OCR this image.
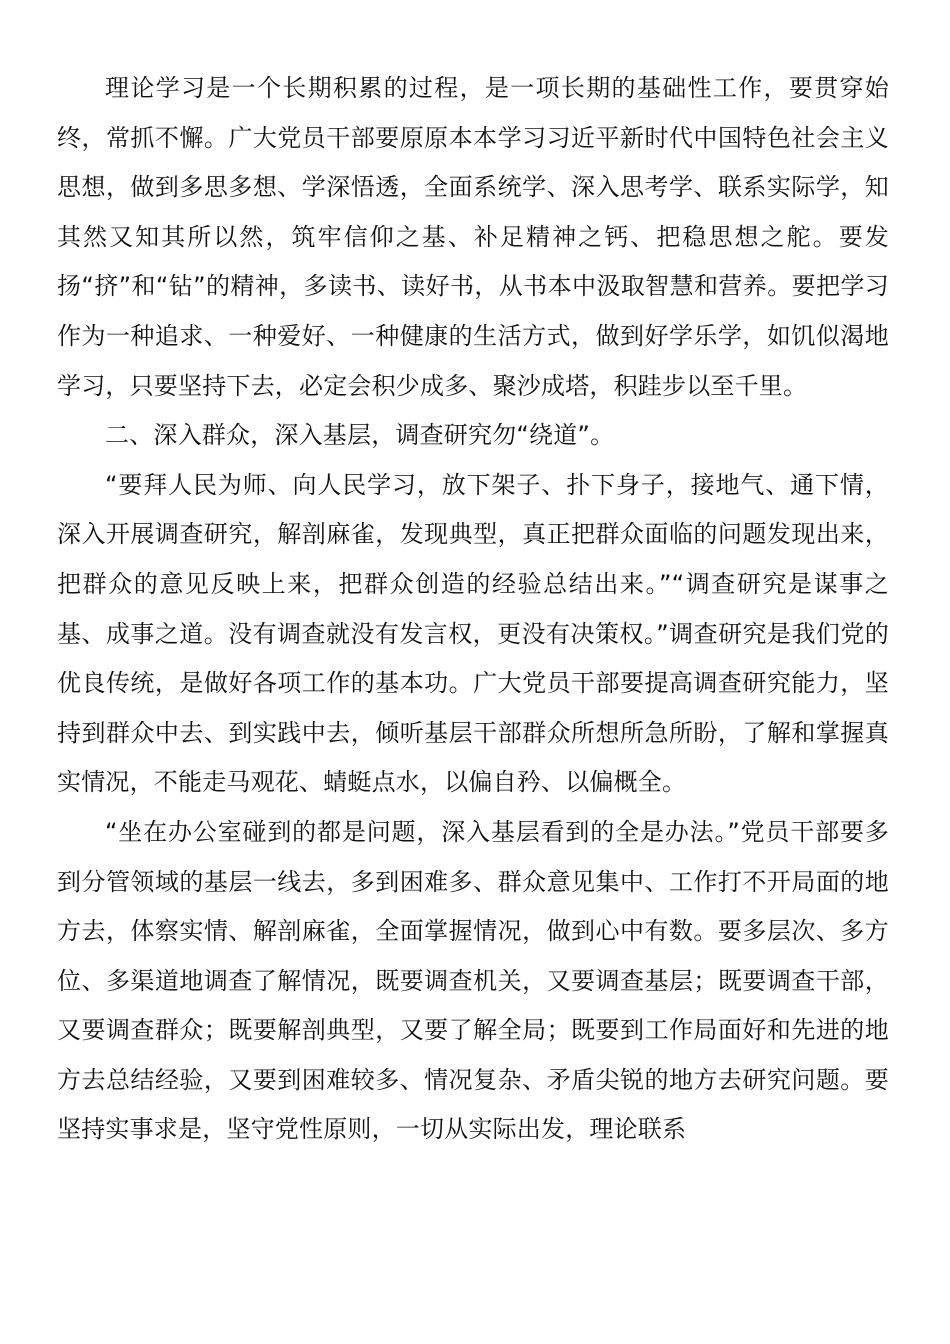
理论学习是一个长期积累的过程，是一项长期的基础性工作，要贯穿始终，常抓不懈。广大党员干部要原原本本学习习近平新时代中国特色社会主义思想，做到多思多想、学深悟透，全面系统学、深入思考学、联系实际学，知其然又知其所以然，筑牢信仰之基、补足精神之钙、把稳思想之舵。要发扬“挤”和“钻”的精神，多读书、读好书，从书本中汲取智慧和营养。要把学习作为一种追求、一种爱好、一种健康的生活方式，做到好学乐学，如饥似渴地学习，只要坚持下去，必定会积少成多、聚沙成塔，积跬步以至千里。

二、深入群众，深入基层，调查研究勿“绕道”。

“要拜人民为师、向人民学习，放下架子、扑下身子，接地气、通下情，深入开展调查研究，解剖麻雀，发现典型，真正把群众面临的问题发现出来，把群众的意见反映上来，把群众创造的经验总结出来。”“调查研究是谋事之基、成事之道。没有调查就没有发言权，更没有决策权。”调查研究是我们党的优良传统，是做好各项工作的基本功。广大党员干部要提高调查研究能力，坚持到群众中去、到实践中去，倾听基层干部群众所想所急所盼，了解和掌握真实情况，不能走马观花、蜻蜓点水，以偏自矜、以偏概全。

“坐在办公室碰到的都是问题，深入基层看到的全是办法。”党员干部要多到分管领域的基层一线去，多到困难多、群众意见集中、工作打不开局面的地方去，体察实情、解剖麻雀，全面掌握情况，做到心中有数。要多层次、多方位、多渠道地调查了解情况，既要调查机关，又要调查基层；既要调查干部，又要调查群众；既要解剖典型，又要了解全局；既要到工作局面好和先进的地方去总结经验，又要到困难较多、情况复杂、矛盾尖锐的地方去研究问题。要坚持实事求是，坚守党性原则，一切从实际出发，理论联系
